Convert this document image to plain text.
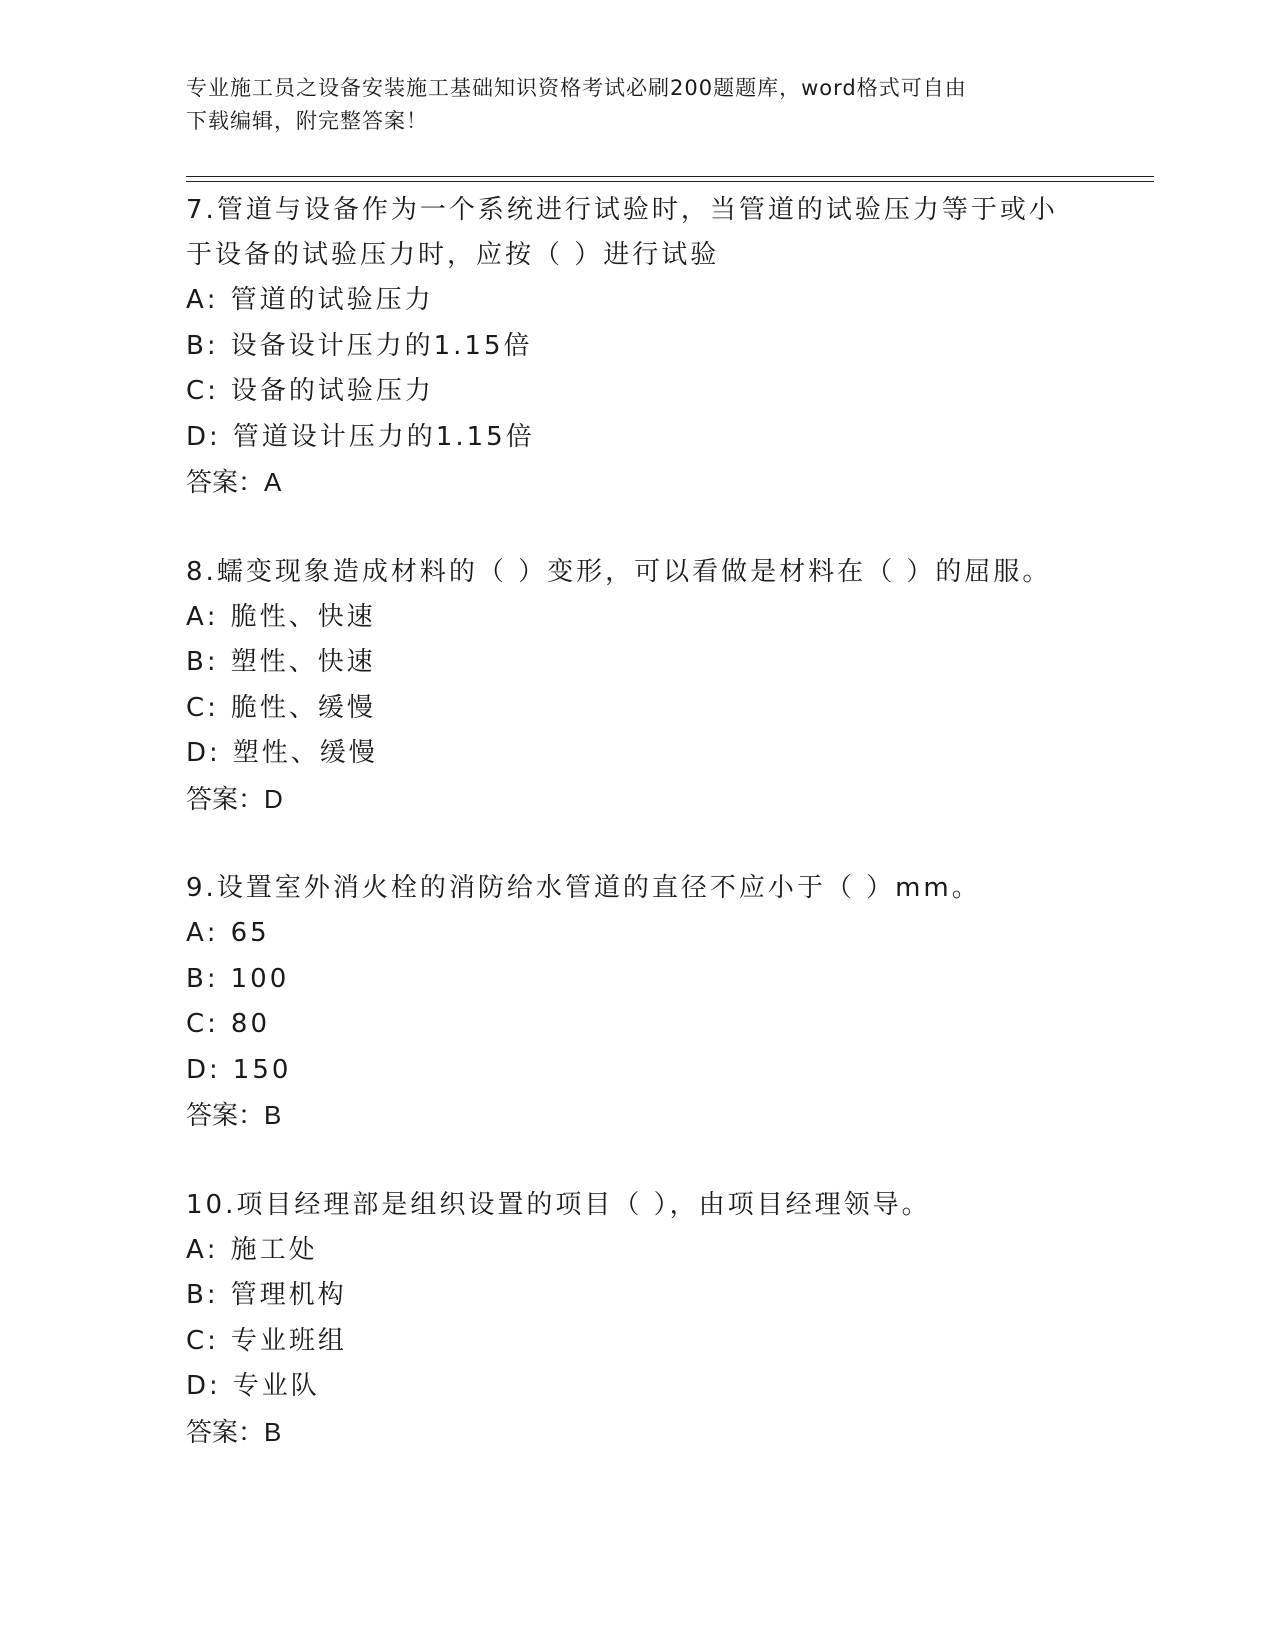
专业施工员之设备安装施工基础知识资格考试必刷200题题库，word格式可自由
下载编辑，附完整答案！
7.管道与设备作为一个系统进行试验时，当管道的试验压力等于或小于设备的试验压力时，应按（ ）进行试验
A: 管道的试验压力
B: 设备设计压力的1.15倍
C: 设备的试验压力
D: 管道设计压力的1.15倍
答案：A
8.蠕变现象造成材料的（ ）变形，可以看做是材料在（ ）的屈服。
A: 脆性、快速
B: 塑性、快速
C: 脆性、缓慢
D: 塑性、缓慢
答案：D
9.设置室外消火栓的消防给水管道的直径不应小于（ ）mm。
A: 65
B: 100
C: 80
D: 150
答案：B
10.项目经理部是组织设置的项目（ ），由项目经理领导。
A: 施工处
B: 管理机构
C: 专业班组
D: 专业队
答案：B
